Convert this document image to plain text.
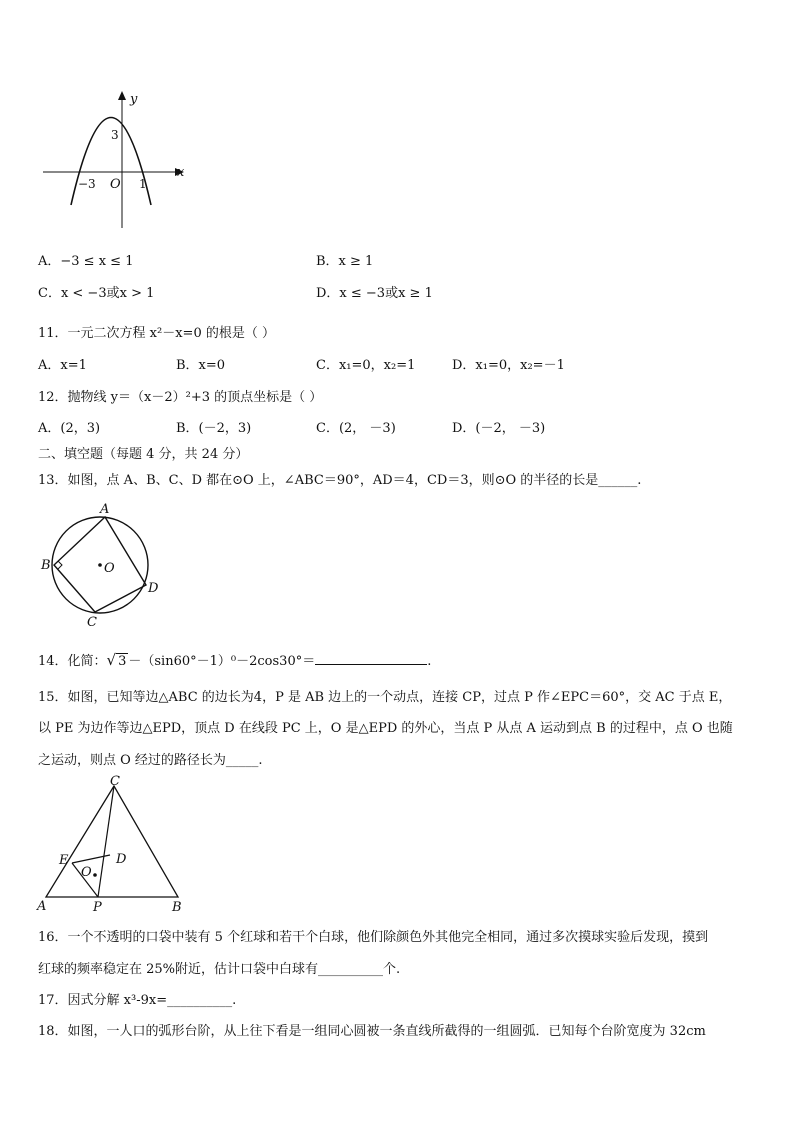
y
x
3
−3 O 1
A．−3 ≤ x ≤ 1	B．x ≥ 1
C．x < −3或x > 1	D．x ≤ −3或x ≥ 1
11．一元二次方程 x²－x=0 的根是（ ）
A．x=1	B．x=0	C．x₁=0，x₂=1	D．x₁=0，x₂=－1
12．抛物线 y＝（x－2）²+3 的顶点坐标是（ ）
A．(2，3)	B．(－2，3)	C．(2， －3)	D．(－2， －3)
二、填空题（每题 4 分，共 24 分）
13．如图，点 A、B、C、D 都在⊙O 上，∠ABC＝90°，AD＝4，CD＝3，则⊙O 的半径的长是______.
A
B
C
D
O
14．化简：√ 3 －（sin60°－1）⁰－2cos30°＝	.
15．如图，已知等边△ABC 的边长为4，P 是 AB 边上的一个动点，连接 CP，过点 P 作∠EPC＝60°，交 AC 于点 E，
以 PE 为边作等边△EPD，顶点 D 在线段 PC 上，O 是△EPD 的外心，当点 P 从点 A 运动到点 B 的过程中，点 O 也随
之运动，则点 O 经过的路径长为_____.
C
E	D
O
A	P	B
16．一个不透明的口袋中装有 5 个红球和若干个白球，他们除颜色外其他完全相同，通过多次摸球实验后发现，摸到
红球的频率稳定在 25%附近，估计口袋中白球有__________个.
17．因式分解 x³-9x=__________.
18．如图，一人口的弧形台阶，从上往下看是一组同心圆被一条直线所截得的一组圆弧．已知每个台阶宽度为 32cm
